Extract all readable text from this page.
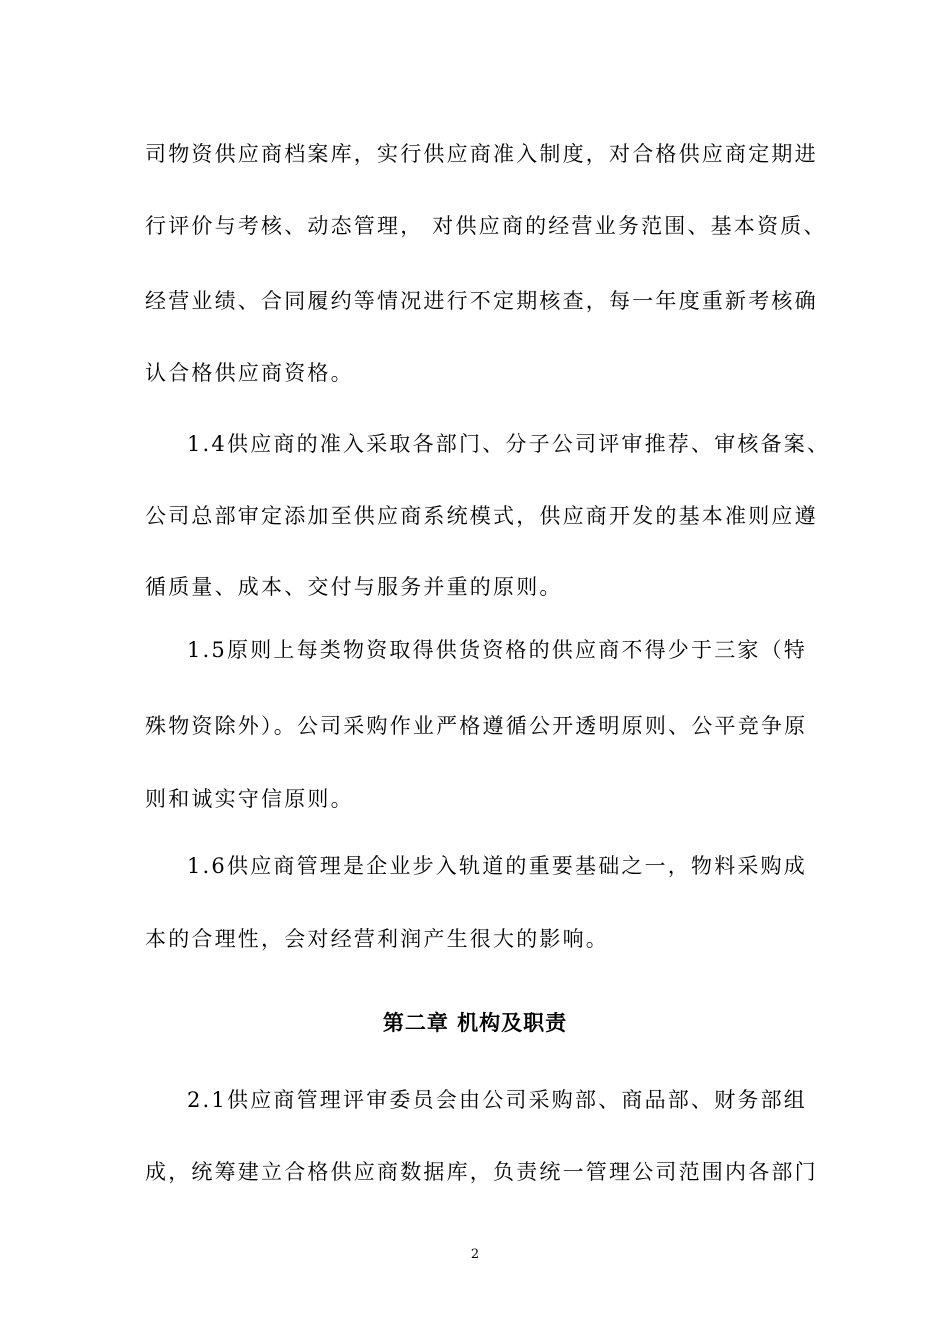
司物资供应商档案库，实行供应商准入制度，对合格供应商定期进
行评价与考核、动态管理， 对供应商的经营业务范围、基本资质、
经营业绩、合同履约等情况进行不定期核查，每一年度重新考核确
认合格供应商资格。
1.4供应商的准入采取各部门、分子公司评审推荐、审核备案、
公司总部审定添加至供应商系统模式，供应商开发的基本准则应遵
循质量、成本、交付与服务并重的原则。
1.5原则上每类物资取得供货资格的供应商不得少于三家（特
殊物资除外）。公司采购作业严格遵循公开透明原则、公平竞争原
则和诚实守信原则。
1.6供应商管理是企业步入轨道的重要基础之一，物料采购成
本的合理性，会对经营利润产生很大的影响。
第二章 机构及职责
2.1供应商管理评审委员会由公司采购部、商品部、财务部组
成，统筹建立合格供应商数据库，负责统一管理公司范围内各部门
2
